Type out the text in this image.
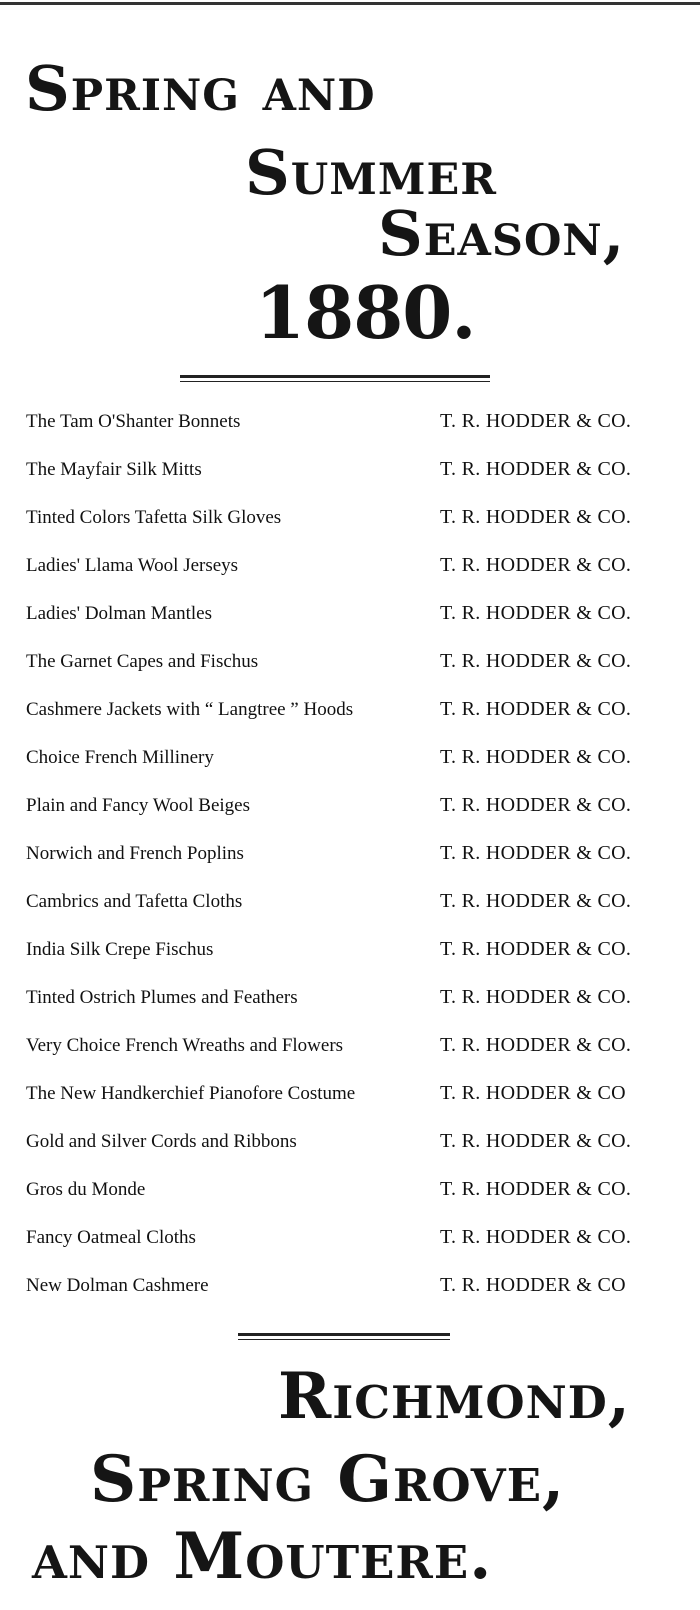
Spring and
Summer
Season,
1880.
The Tam O'Shanter Bonnets	T. R. HODDER & CO.
The Mayfair Silk Mitts	T. R. HODDER & CO.
Tinted Colors Tafetta Silk Gloves	T. R. HODDER & CO.
Ladies' Llama Wool Jerseys	T. R. HODDER & CO.
Ladies' Dolman Mantles	T. R. HODDER & CO.
The Garnet Capes and Fischus	T. R. HODDER & CO.
Cashmere Jackets with “ Langtree ” Hoods	T. R. HODDER & CO.
Choice French Millinery	T. R. HODDER & CO.
Plain and Fancy Wool Beiges	T. R. HODDER & CO.
Norwich and French Poplins	T. R. HODDER & CO.
Cambrics and Tafetta Cloths	T. R. HODDER & CO.
India Silk Crepe Fischus	T. R. HODDER & CO.
Tinted Ostrich Plumes and Feathers	T. R. HODDER & CO.
Very Choice French Wreaths and Flowers	T. R. HODDER & CO.
The New Handkerchief Pianofore Costume	T. R. HODDER & CO
Gold and Silver Cords and Ribbons	T. R. HODDER & CO.
Gros du Monde	T. R. HODDER & CO.
Fancy Oatmeal Cloths	T. R. HODDER & CO.
New Dolman Cashmere	T. R. HODDER & CO
Richmond,
Spring Grove,
and Moutere.
